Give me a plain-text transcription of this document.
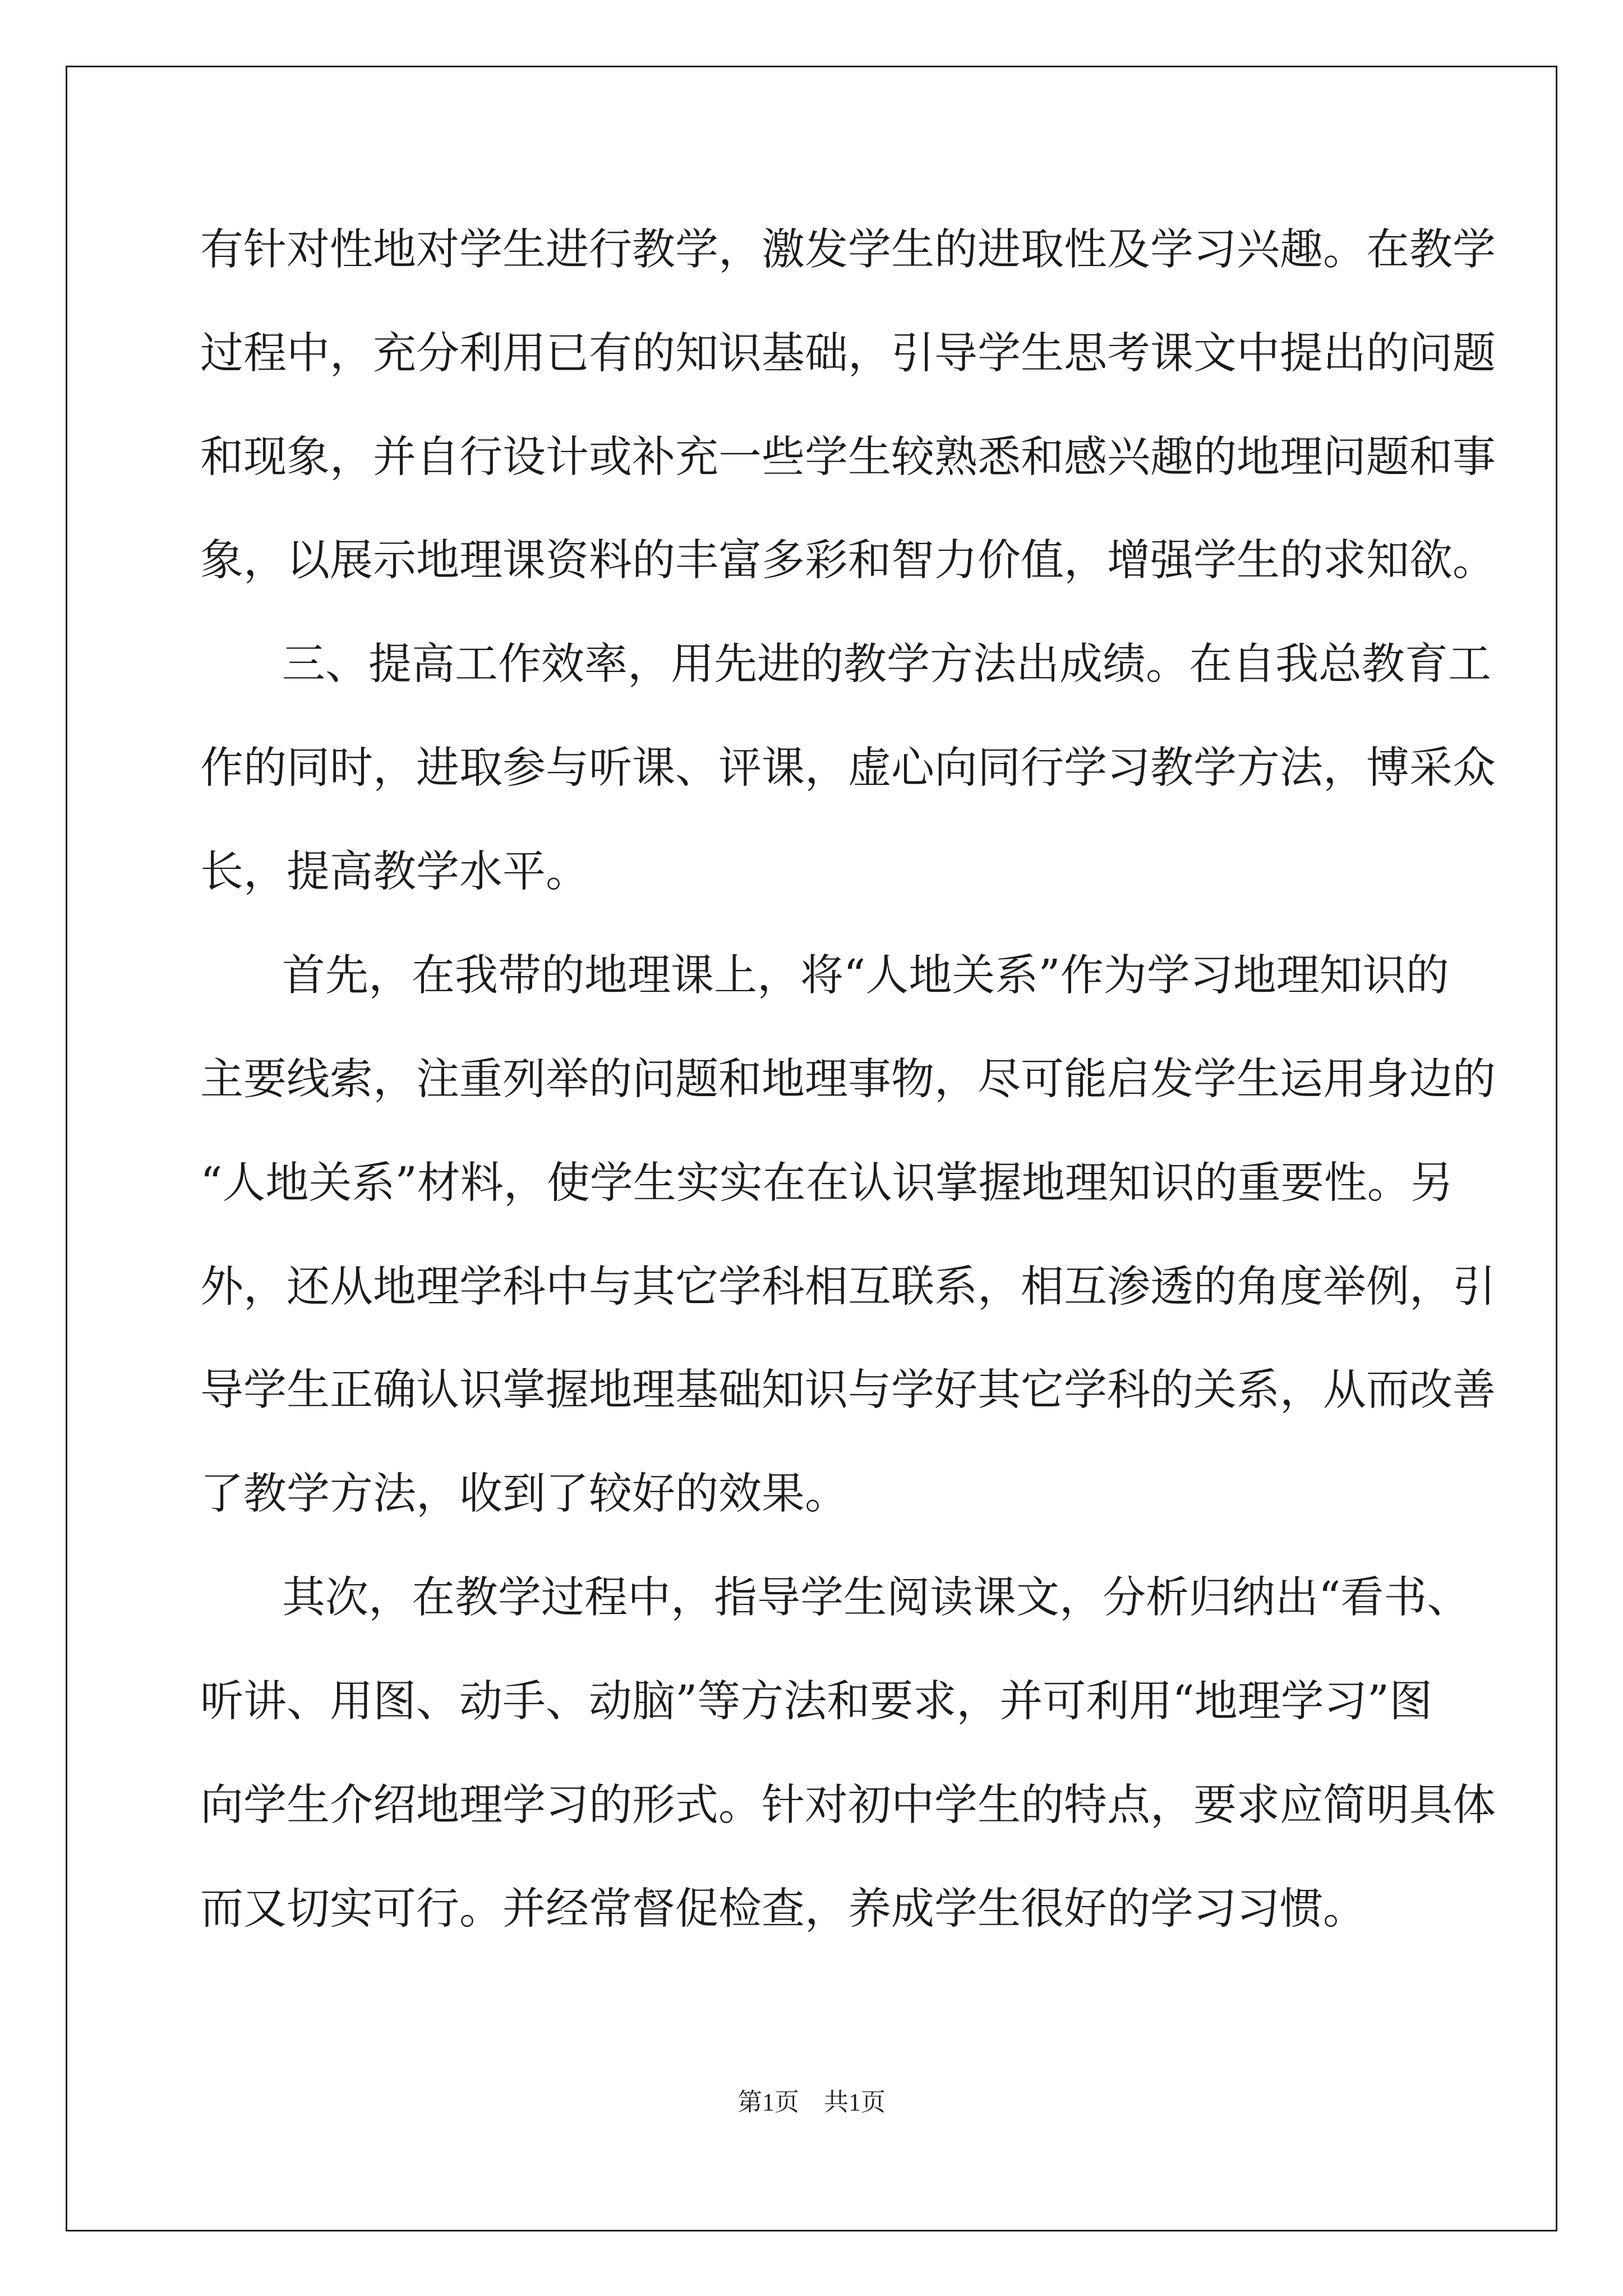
有针对性地对学生进行教学，激发学生的进取性及学习兴趣。在教学
过程中，充分利用已有的知识基础，引导学生思考课文中提出的问题
和现象，并自行设计或补充一些学生较熟悉和感兴趣的地理问题和事
象，以展示地理课资料的丰富多彩和智力价值，增强学生的求知欲。
三、提高工作效率，用先进的教学方法出成绩。在自我总教育工
作的同时，进取参与听课、评课，虚心向同行学习教学方法，博采众
长，提高教学水平。
首先，在我带的地理课上，将“人地关系”作为学习地理知识的
主要线索，注重列举的问题和地理事物，尽可能启发学生运用身边的
“人地关系”材料，使学生实实在在认识掌握地理知识的重要性。另
外，还从地理学科中与其它学科相互联系，相互渗透的角度举例，引
导学生正确认识掌握地理基础知识与学好其它学科的关系，从而改善
了教学方法，收到了较好的效果。
其次，在教学过程中，指导学生阅读课文，分析归纳出“看书、
听讲、用图、动手、动脑”等方法和要求，并可利用“地理学习”图
向学生介绍地理学习的形式。针对初中学生的特点，要求应简明具体
而又切实可行。并经常督促检查，养成学生很好的学习习惯。
第1页　共1页
